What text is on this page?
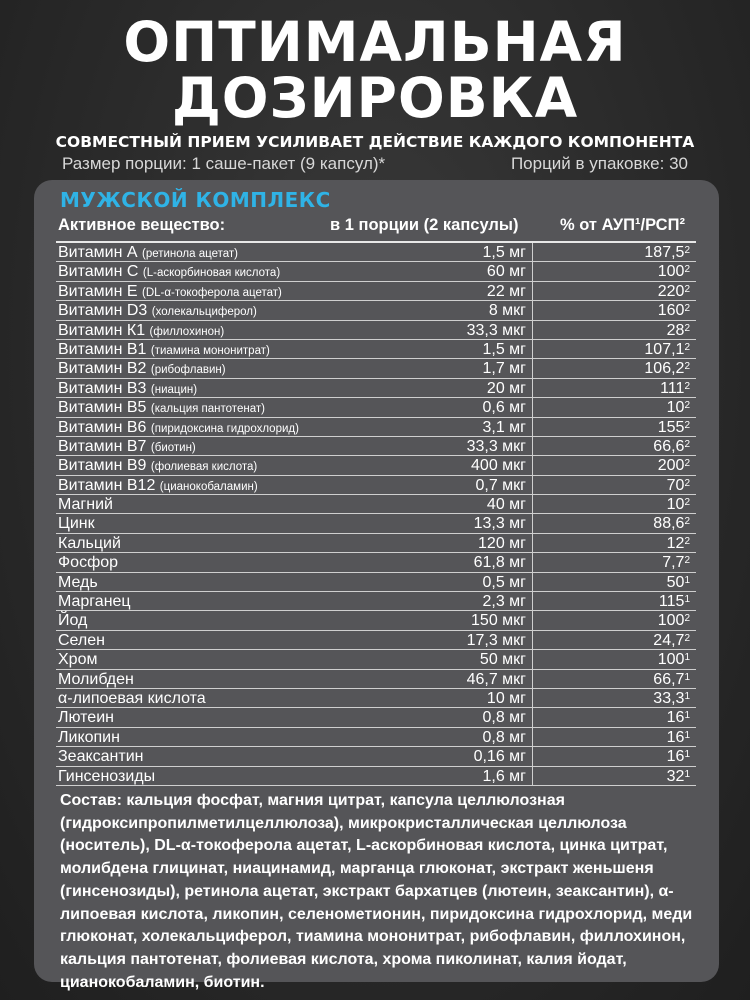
ОПТИМАЛЬНАЯ
ДОЗИРОВКА
СОВМЕСТНЫЙ ПРИЕМ УСИЛИВАЕТ ДЕЙСТВИЕ КАЖДОГО КОМПОНЕНТА
Размер порции: 1 саше-пакет (9 капсул)*	Порций в упаковке: 30
МУЖСКОЙ КОМПЛЕКС
Активное вещество:	в 1 порции (2 капсулы)	% от АУП¹/РСП²
Витамин А (ретинола ацетат)	1,5 мг	187,5$^2$
Витамин С (L-аскорбиновая кислота)	60 мг	$100^2$
Витамин Е (DL-α-токоферола ацетат)	22 мг	$220^2$
Витамин D3 (холекальциферол)	8 мкг	$160^2$
Витамин К1 (филлохинон)	33,3 мкг	$28^2$
Витамин В1 (тиамина мононитрат)	1,5 мг	107,1$^2$
Витамин В2 (рибофлавин)	1,7 мг	106,2$^2$
Витамин В3 (ниацин)	20 мг	$111^2$
Витамин В5 (кальция пантотенат)	0,6 мг	$10^2$
Витамин В6 (пиридоксина гидрохлорид)	3,1 мг	$155^2$
Витамин В7 (биотин)	33,3 мкг	66,6$^2$
Витамин В9 (фолиевая кислота)	400 мкг	$200^2$
Витамин В12 (цианокобаламин)	0,7 мкг	$70^2$
Магний	40 мг	$10^2$
Цинк	13,3 мг	88,6$^2$
Кальций	120 мг	$12^2$
Фосфор	61,8 мг	$7,7^2$
Медь	0,5 мг	$50^1$
Марганец	2,3 мг	$115^1$
Йод	150 мкг	$100^2$
Селен	17,3 мкг	24,7$^2$
Хром	50 мкг	$100^1$
Молибден	46,7 мкг	66,7$^1$
α-липоевая кислота	10 мг	33,3$^1$
Лютеин	0,8 мг	$16^1$
Ликопин	0,8 мг	$16^1$
Зеаксантин	0,16 мг	$16^1$
Гинсенозиды	1,6 мг	$32^1$
Состав: кальция фосфат, магния цитрат, капсула целлюлозная (гидроксипропилметилцеллюлоза), микрокристаллическая целлюлоза (носитель), DL-α-токоферола ацетат, L-аскорбиновая кислота, цинка цитрат, молибдена глицинат, ниацинамид, марганца глюконат, экстракт женьшеня (гинсенозиды), ретинола ацетат, экстракт бархатцев (лютеин, зеаксантин), α-липоевая кислота, ликопин, селенометионин, пиридоксина гидрохлорид, меди глюконат, холекальциферол, тиамина мононитрат, рибофлавин, филлохинон, кальция пантотенат, фолиевая кислота, хрома пиколинат, калия йодат, цианокобаламин, биотин.
